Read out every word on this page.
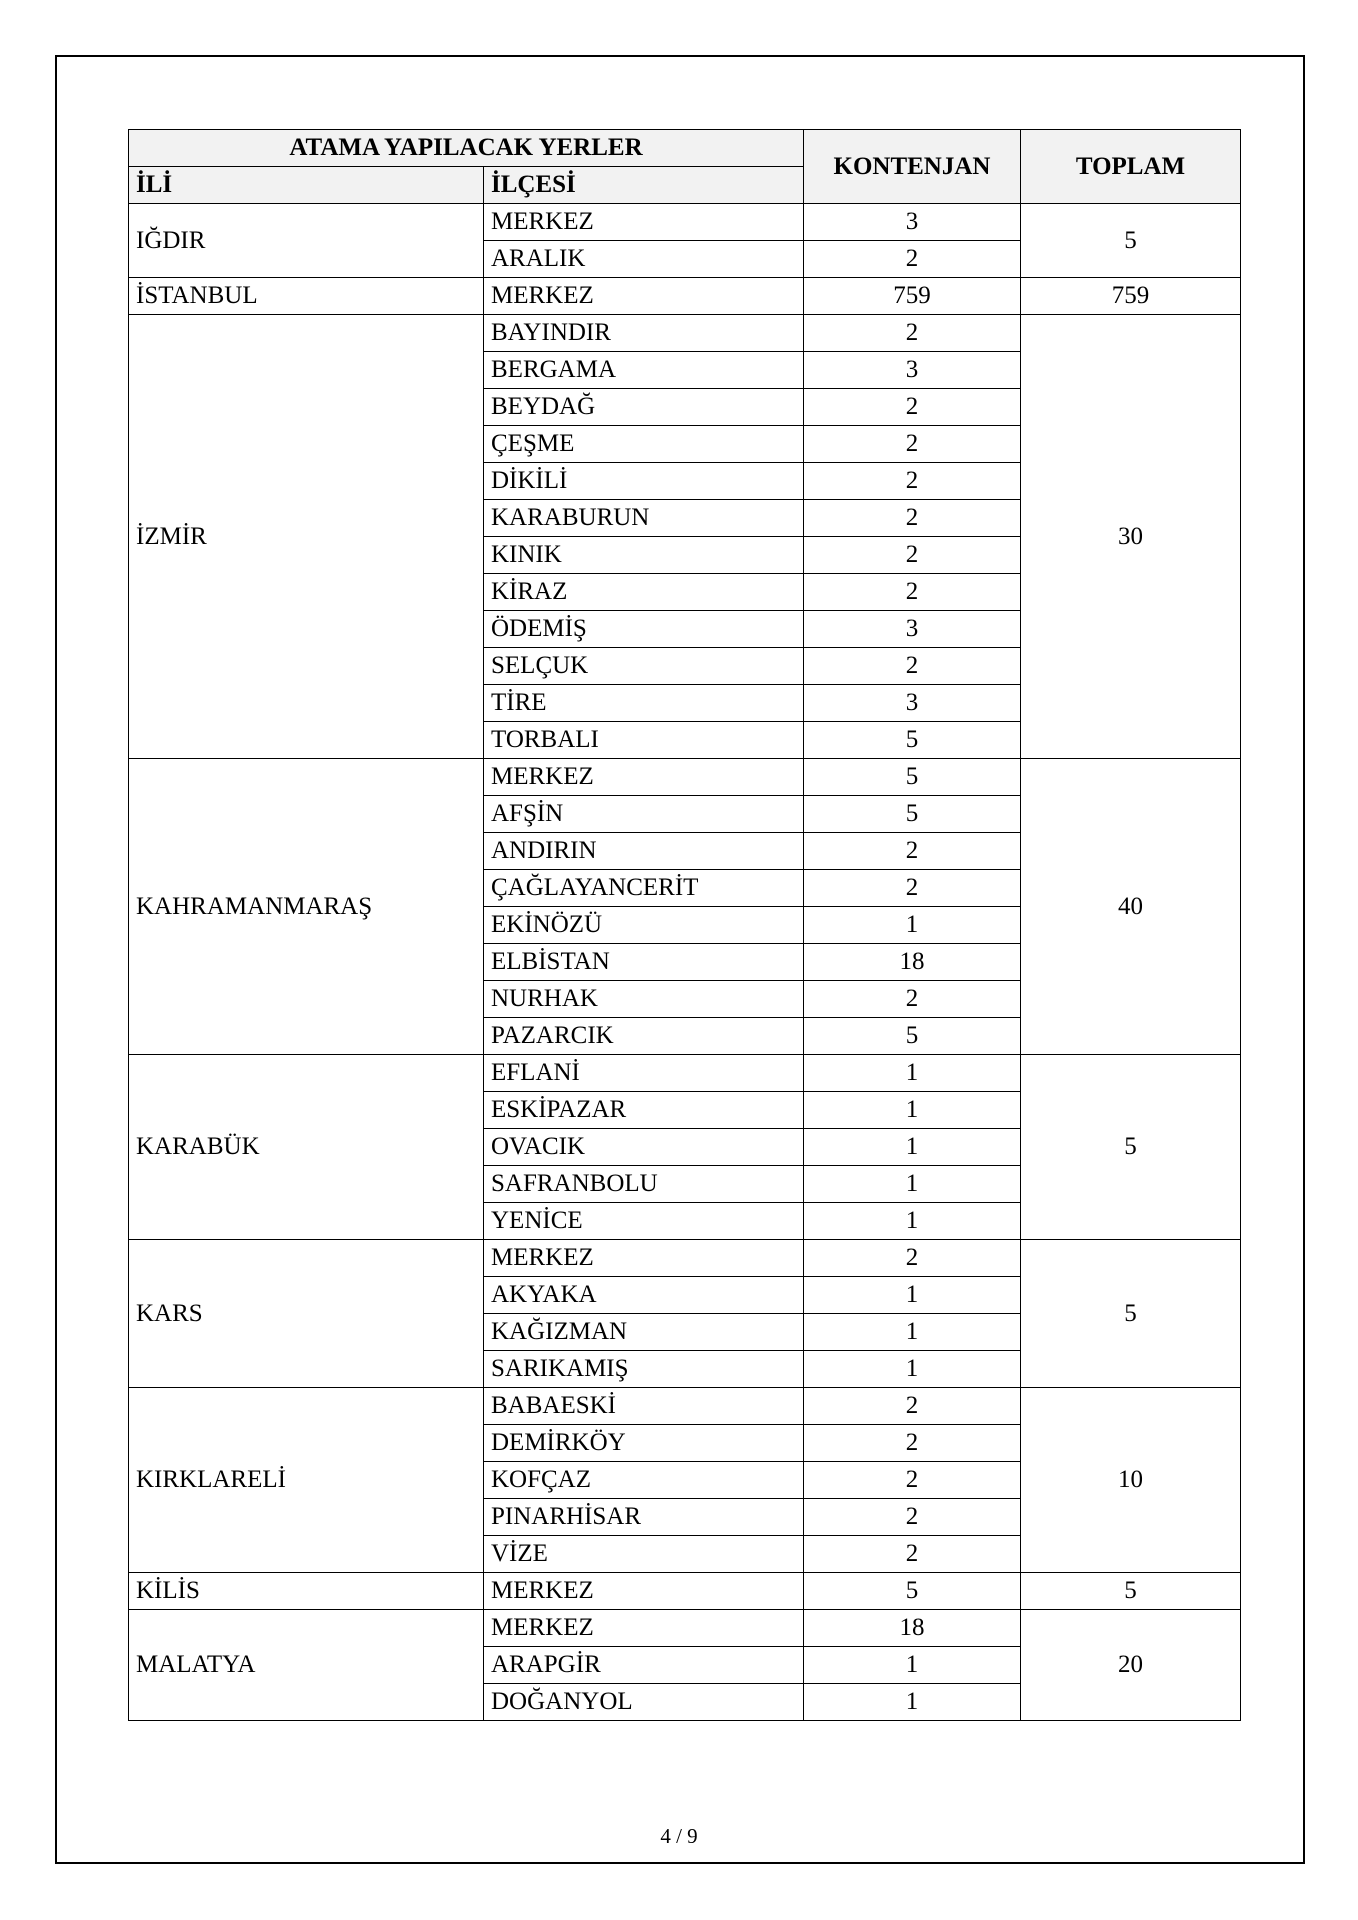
ATAMA YAPILACAK YERLER		KONTENJAN	TOPLAM
İLİ	İLÇESİ		
IĞDIR	MERKEZ	3	5
	ARALIK	2	
İSTANBUL	MERKEZ	759	759
İZMİR	BAYINDIR	2	30
	BERGAMA	3	
	BEYDAĞ	2	
	ÇEŞME	2	
	DİKİLİ	2	
	KARABURUN	2	
	KINIK	2	
	KİRAZ	2	
	ÖDEMİŞ	3	
	SELÇUK	2	
	TİRE	3	
	TORBALI	5	
KAHRAMANMARAŞ	MERKEZ	5	40
	AFŞİN	5	
	ANDIRIN	2	
	ÇAĞLAYANCERİT	2	
	EKİNÖZÜ	1	
	ELBİSTAN	18	
	NURHAK	2	
	PAZARCIK	5	
KARABÜK	EFLANİ	1	5
	ESKİPAZAR	1	
	OVACIK	1	
	SAFRANBOLU	1	
	YENİCE	1	
KARS	MERKEZ	2	5
	AKYAKA	1	
	KAĞIZMAN	1	
	SARIKAMIŞ	1	
KIRKLARELİ	BABAESKİ	2	10
	DEMİRKÖY	2	
	KOFÇAZ	2	
	PINARHİSAR	2	
	VİZE	2	
KİLİS	MERKEZ	5	5
MALATYA	MERKEZ	18	20
	ARAPGİR	1	
	DOĞANYOL	1	
4 / 9
